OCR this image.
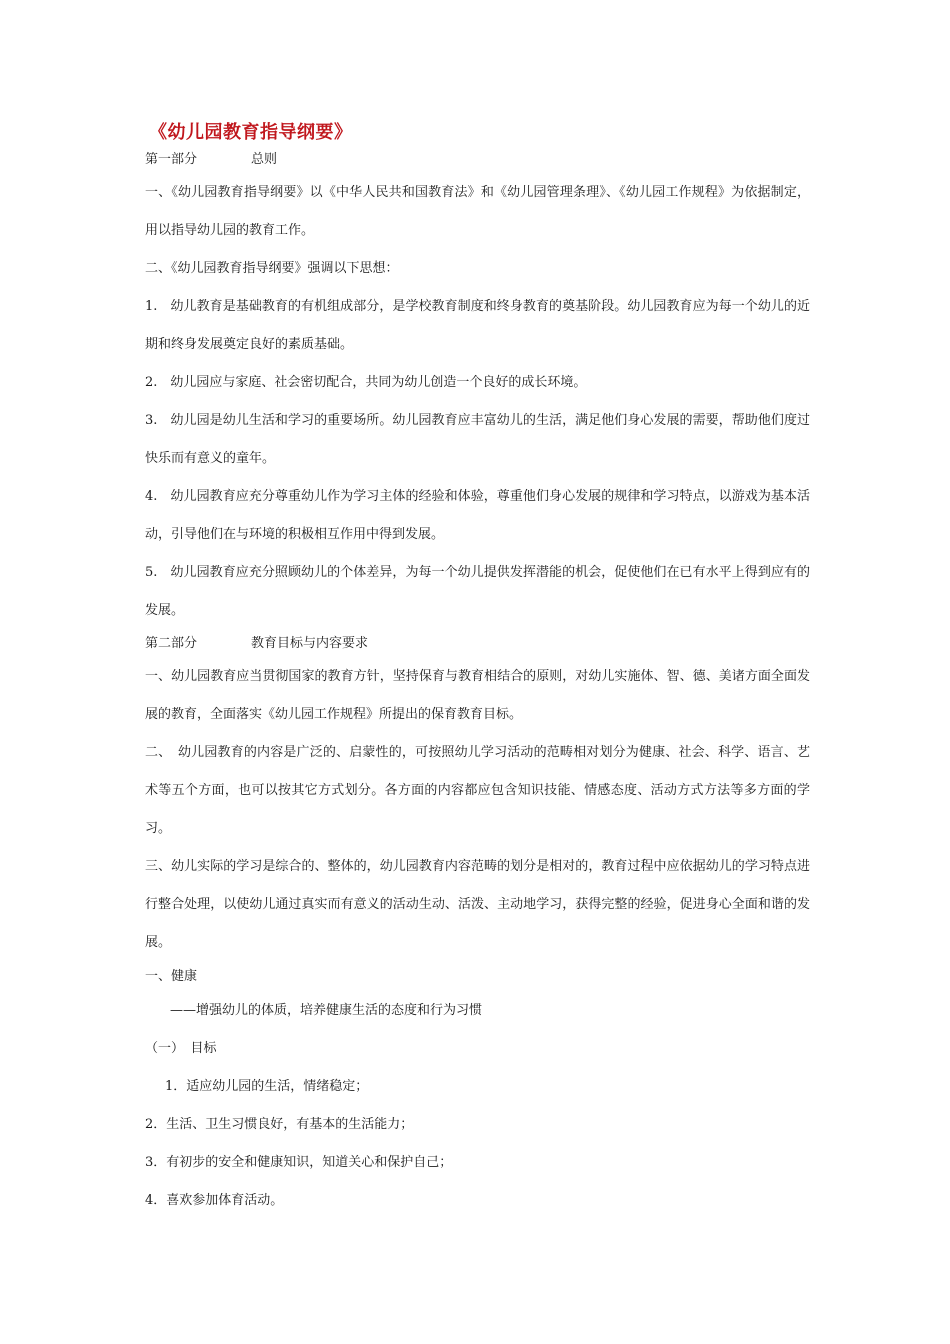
《幼儿园教育指导纲要》

第一部分	总则

一、《幼儿园教育指导纲要》以《中华人民共和国教育法》和《幼儿园管理条理》、《幼儿园工作规程》为依据制定，用以指导幼儿园的教育工作。

二、《幼儿园教育指导纲要》强调以下思想：

1.　幼儿教育是基础教育的有机组成部分，是学校教育制度和终身教育的奠基阶段。幼儿园教育应为每一个幼儿的近期和终身发展奠定良好的素质基础。

2.　幼儿园应与家庭、社会密切配合，共同为幼儿创造一个良好的成长环境。

3.　幼儿园是幼儿生活和学习的重要场所。幼儿园教育应丰富幼儿的生活，满足他们身心发展的需要，帮助他们度过快乐而有意义的童年。

4.　幼儿园教育应充分尊重幼儿作为学习主体的经验和体验，尊重他们身心发展的规律和学习特点，以游戏为基本活动，引导他们在与环境的积极相互作用中得到发展。

5.　幼儿园教育应充分照顾幼儿的个体差异，为每一个幼儿提供发挥潜能的机会，促使他们在已有水平上得到应有的发展。

第二部分	教育目标与内容要求

一、幼儿园教育应当贯彻国家的教育方针，坚持保育与教育相结合的原则，对幼儿实施体、智、德、美诸方面全面发展的教育，全面落实《幼儿园工作规程》所提出的保育教育目标。

二、　幼儿园教育的内容是广泛的、启蒙性的，可按照幼儿学习活动的范畴相对划分为健康、社会、科学、语言、艺术等五个方面，也可以按其它方式划分。各方面的内容都应包含知识技能、情感态度、活动方式方法等多方面的学习。

三、幼儿实际的学习是综合的、整体的，幼儿园教育内容范畴的划分是相对的，教育过程中应依据幼儿的学习特点进行整合处理，以使幼儿通过真实而有意义的活动生动、活泼、主动地学习，获得完整的经验，促进身心全面和谐的发展。

一、健康

——增强幼儿的体质，培养健康生活的态度和行为习惯

（一）　目标

1．适应幼儿园的生活，情绪稳定；

2．生活、卫生习惯良好，有基本的生活能力；

3．有初步的安全和健康知识，知道关心和保护自己；

4．喜欢参加体育活动。
